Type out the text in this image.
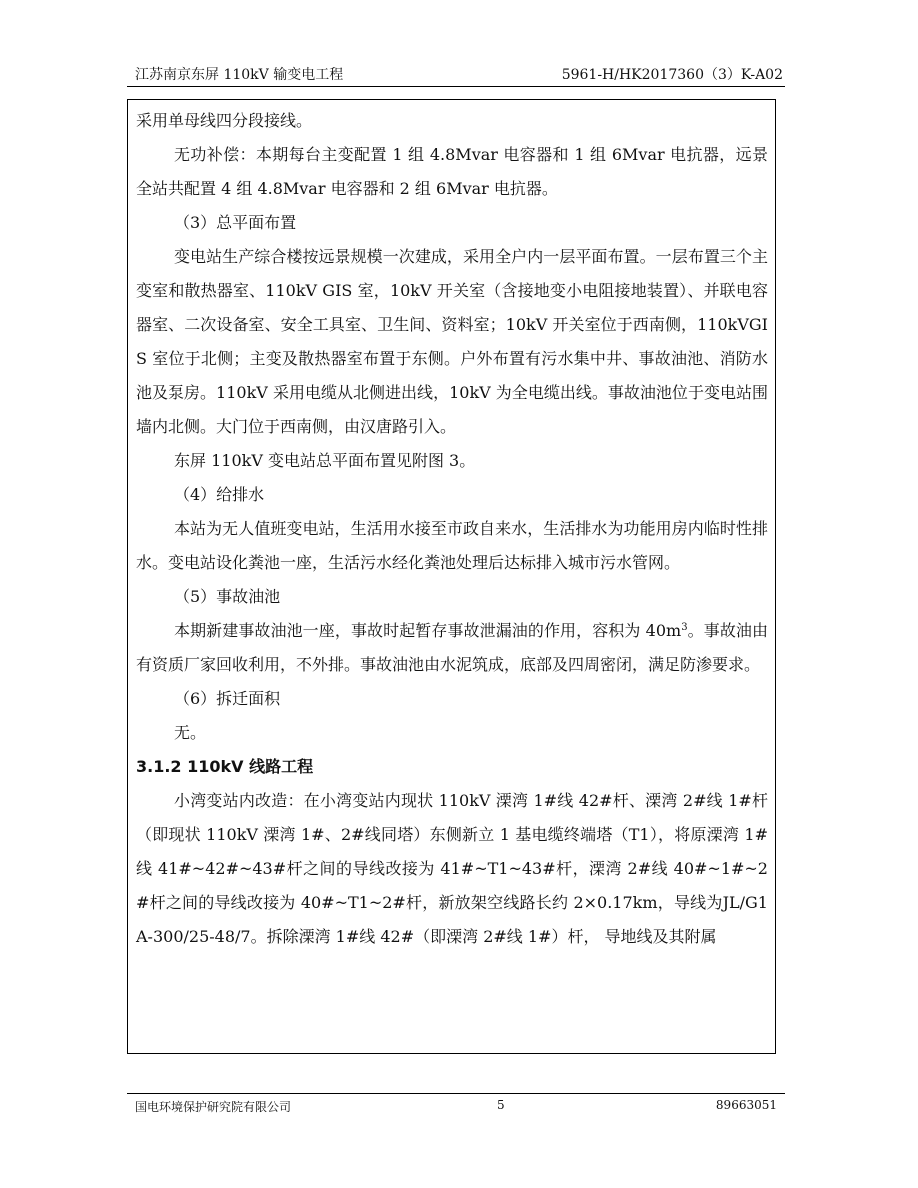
江苏南京东屏 110kV 输变电工程	5961-H/HK2017360（3）K-A02

采用单母线四分段接线。

无功补偿：本期每台主变配置 1 组 4.8Mvar 电容器和 1 组 6Mvar 电抗器，远景全站共配置 4 组 4.8Mvar 电容器和 2 组 6Mvar 电抗器。

（3）总平面布置

变电站生产综合楼按远景规模一次建成，采用全户内一层平面布置。一层布置三个主变室和散热器室、110kV GIS 室，10kV 开关室（含接地变小电阻接地装置）、并联电容器室、二次设备室、安全工具室、卫生间、资料室；10kV 开关室位于西南侧，110kVGIS 室位于北侧；主变及散热器室布置于东侧。户外布置有污水集中井、事故油池、消防水池及泵房。110kV 采用电缆从北侧进出线，10kV 为全电缆出线。事故油池位于变电站围墙内北侧。大门位于西南侧，由汉唐路引入。

东屏 110kV 变电站总平面布置见附图 3。

（4）给排水

本站为无人值班变电站，生活用水接至市政自来水，生活排水为功能用房内临时性排水。变电站设化粪池一座，生活污水经化粪池处理后达标排入城市污水管网。

（5）事故油池

本期新建事故油池一座，事故时起暂存事故泄漏油的作用，容积为 $40m^3$。事故油由有资质厂家回收利用，不外排。事故油池由水泥筑成，底部及四周密闭，满足防渗要求。

（6）拆迁面积

无。

3.1.2 110kV 线路工程

小湾变站内改造：在小湾变站内现状 110kV 溧湾 1#线 42#杆、溧湾 2#线 1#杆（即现状 110kV 溧湾 1#、2#线同塔）东侧新立 1 基电缆终端塔（T1），将原溧湾 1#线 41#~42#~43#杆之间的导线改接为 41#~T1~43#杆，溧湾 2#线 40#~1#~2#杆之间的导线改接为 40#~T1~2#杆，新放架空线路长约 2×0.17km，导线为JL/G1A-300/25-48/7。拆除溧湾 1#线 42#（即溧湾 2#线 1#）杆， 导地线及其附属

国电环境保护研究院有限公司	5	89663051
